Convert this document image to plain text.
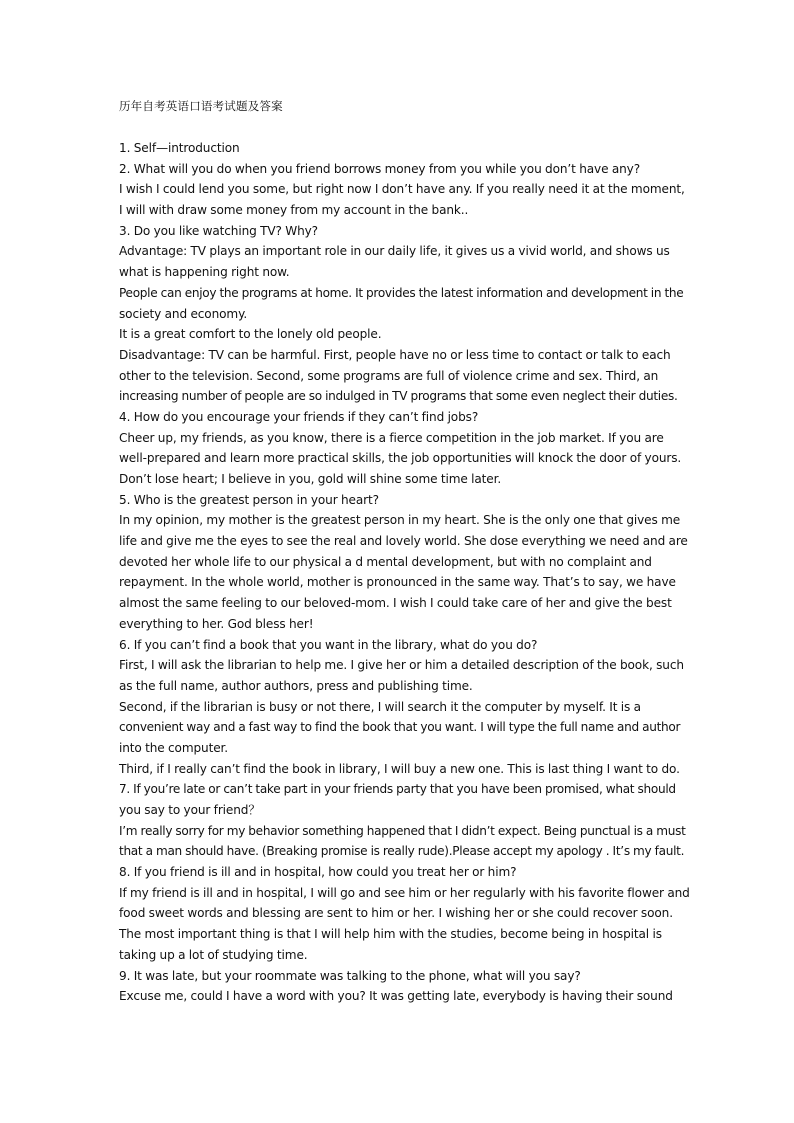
历年自考英语口语考试题及答案
1. Self—introduction
2. What will you do when you friend borrows money from you while you don’t have any?
I wish I could lend you some, but right now I don’t have any. If you really need it at the moment,
I will with draw some money from my account in the bank..
3. Do you like watching TV? Why?
Advantage: TV plays an important role in our daily life, it gives us a vivid world, and shows us
what is happening right now.
People can enjoy the programs at home. It provides the latest information and development in the
society and economy.
It is a great comfort to the lonely old people.
Disadvantage: TV can be harmful. First, people have no or less time to contact or talk to each
other to the television. Second, some programs are full of violence crime and sex. Third, an
increasing number of people are so indulged in TV programs that some even neglect their duties.
4. How do you encourage your friends if they can’t find jobs?
Cheer up, my friends, as you know, there is a fierce competition in the job market. If you are
well-prepared and learn more practical skills, the job opportunities will knock the door of yours.
Don’t lose heart; I believe in you, gold will shine some time later.
5. Who is the greatest person in your heart?
In my opinion, my mother is the greatest person in my heart. She is the only one that gives me
life and give me the eyes to see the real and lovely world. She dose everything we need and are
devoted her whole life to our physical a d mental development, but with no complaint and
repayment. In the whole world, mother is pronounced in the same way. That’s to say, we have
almost the same feeling to our beloved-mom. I wish I could take care of her and give the best
everything to her. God bless her!
6. If you can’t find a book that you want in the library, what do you do?
First, I will ask the librarian to help me. I give her or him a detailed description of the book, such
as the full name, author authors, press and publishing time.
Second, if the librarian is busy or not there, I will search it the computer by myself. It is a
convenient way and a fast way to find the book that you want. I will type the full name and author
into the computer.
Third, if I really can’t find the book in library, I will buy a new one. This is last thing I want to do.
7. If you’re late or can’t take part in your friends party that you have been promised, what should
you say to your friend？
I’m really sorry for my behavior something happened that I didn’t expect. Being punctual is a must
that a man should have. (Breaking promise is really rude).Please accept my apology . It’s my fault.
8. If you friend is ill and in hospital, how could you treat her or him?
If my friend is ill and in hospital, I will go and see him or her regularly with his favorite flower and
food sweet words and blessing are sent to him or her. I wishing her or she could recover soon.
The most important thing is that I will help him with the studies, become being in hospital is
taking up a lot of studying time.
9. It was late, but your roommate was talking to the phone, what will you say?
Excuse me, could I have a word with you? It was getting late, everybody is having their sound
